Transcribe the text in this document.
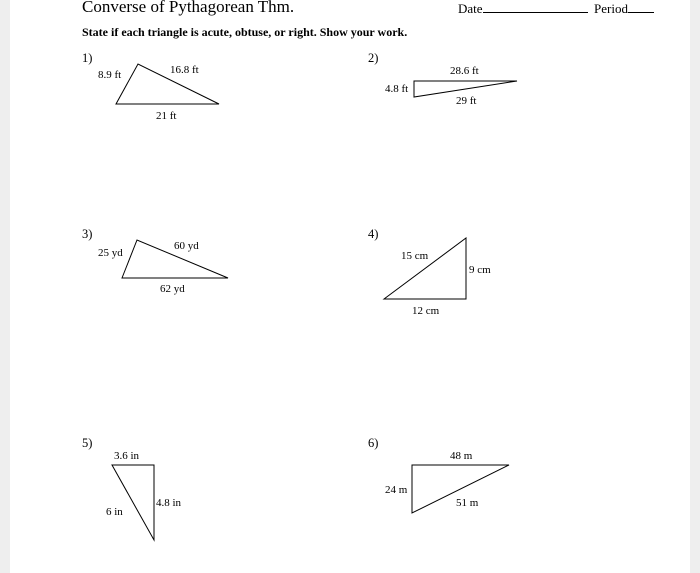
Converse of Pythagorean Thm.	Date	Period
State if each triangle is acute, obtuse, or right. Show your work.
1)
8.9 ft	16.8 ft
21 ft
2)
4.8 ft
28.6 ft
29 ft
3)
25 yd
60 yd
62 yd
4)
15 cm
9 cm
12 cm
5)
3.6 in
4.8 in
6 in
6)
24 m
48 m
51 m
